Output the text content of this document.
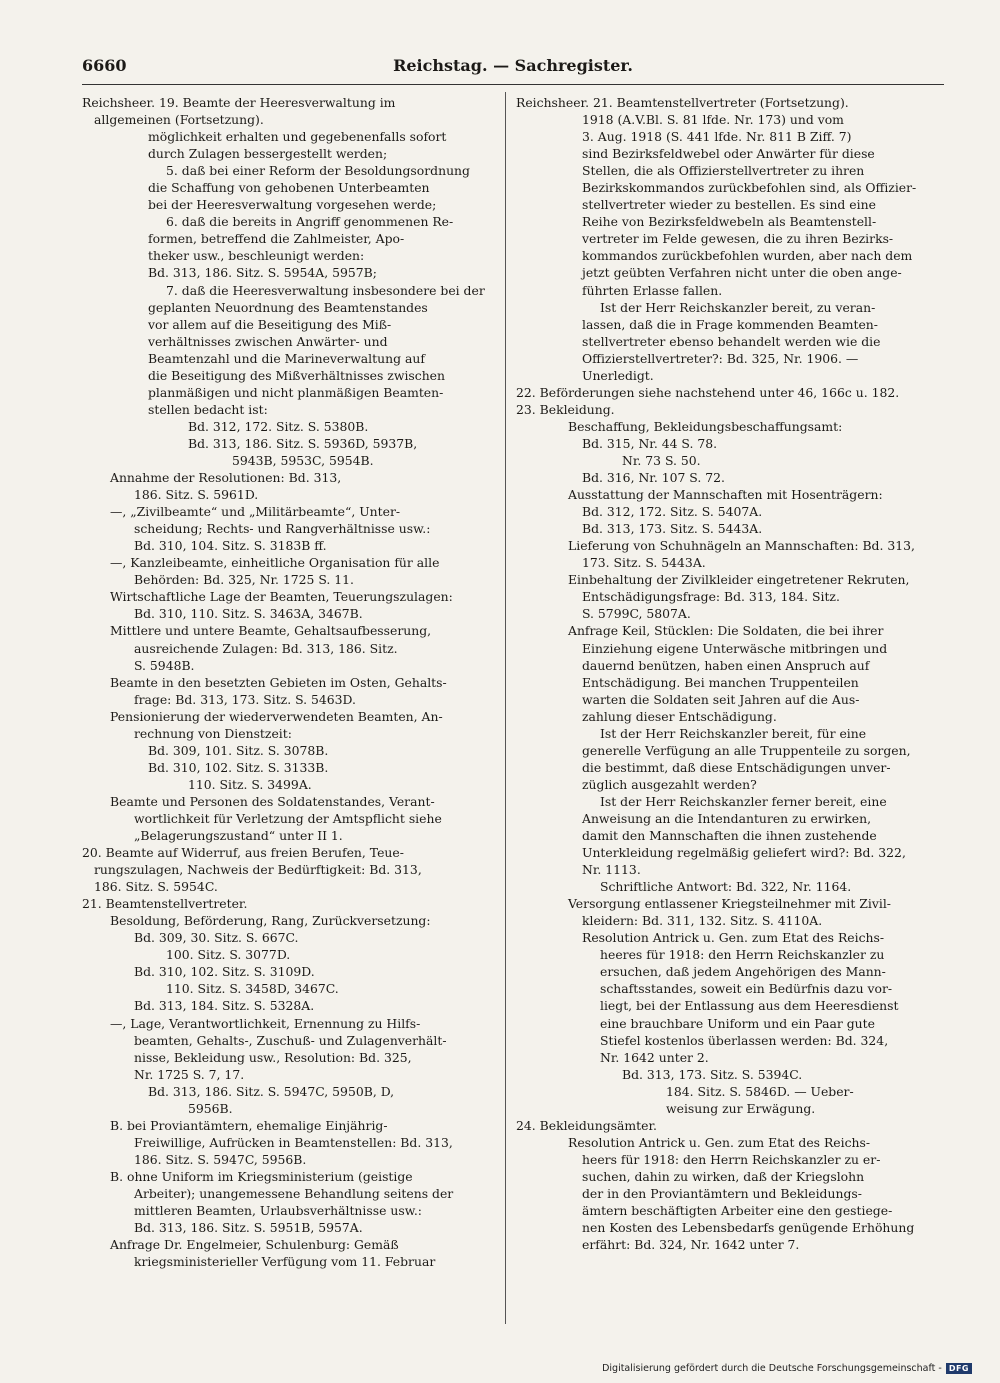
6660	Reichstag. — Sachregister.
Reichsheer. 19. Beamte der Heeresverwaltung im
allgemeinen (Fortsetzung).
möglichkeit erhalten und gegebenenfalls sofort
durch Zulagen bessergestellt werden;
5. daß bei einer Reform der Besoldungsordnung
die Schaffung von gehobenen Unterbeamten
bei der Heeresverwaltung vorgesehen werde;
6. daß die bereits in Angriff genommenen Re-
formen, betreffend die Zahlmeister, Apo-
theker usw., beschleunigt werden:
Bd. 313, 186. Sitz. S. 5954A, 5957B;
7. daß die Heeresverwaltung insbesondere bei der
geplanten Neuordnung des Beamtenstandes
vor allem auf die Beseitigung des Miß-
verhältnisses zwischen Anwärter- und
Beamtenzahl und die Marineverwaltung auf
die Beseitigung des Mißverhältnisses zwischen
planmäßigen und nicht planmäßigen Beamten-
stellen bedacht ist:
Bd. 312, 172. Sitz. S. 5380B.
Bd. 313, 186. Sitz. S. 5936D, 5937B,
5943B, 5953C, 5954B.
Annahme der Resolutionen: Bd. 313,
186. Sitz. S. 5961D.
—, „Zivilbeamte“ und „Militärbeamte“, Unter-
scheidung; Rechts- und Rangverhältnisse usw.:
Bd. 310, 104. Sitz. S. 3183B ff.
—, Kanzleibeamte, einheitliche Organisation für alle
Behörden: Bd. 325, Nr. 1725 S. 11.
Wirtschaftliche Lage der Beamten, Teuerungszulagen:
Bd. 310, 110. Sitz. S. 3463A, 3467B.
Mittlere und untere Beamte, Gehaltsaufbesserung,
ausreichende Zulagen: Bd. 313, 186. Sitz.
S. 5948B.
Beamte in den besetzten Gebieten im Osten, Gehalts-
frage: Bd. 313, 173. Sitz. S. 5463D.
Pensionierung der wiederverwendeten Beamten, An-
rechnung von Dienstzeit:
Bd. 309, 101. Sitz. S. 3078B.
Bd. 310, 102. Sitz. S. 3133B.
110. Sitz. S. 3499A.
Beamte und Personen des Soldatenstandes, Verant-
wortlichkeit für Verletzung der Amtspflicht siehe
„Belagerungszustand“ unter II 1.
20. Beamte auf Widerruf, aus freien Berufen, Teue-
rungszulagen, Nachweis der Bedürftigkeit: Bd. 313,
186. Sitz. S. 5954C.
21. Beamtenstellvertreter.
Besoldung, Beförderung, Rang, Zurückversetzung:
Bd. 309, 30. Sitz. S. 667C.
100. Sitz. S. 3077D.
Bd. 310, 102. Sitz. S. 3109D.
110. Sitz. S. 3458D, 3467C.
Bd. 313, 184. Sitz. S. 5328A.
—, Lage, Verantwortlichkeit, Ernennung zu Hilfs-
beamten, Gehalts-, Zuschuß- und Zulagenverhält-
nisse, Bekleidung usw., Resolution: Bd. 325,
Nr. 1725 S. 7, 17.
Bd. 313, 186. Sitz. S. 5947C, 5950B, D,
5956B.
B. bei Proviantämtern, ehemalige Einjährig-
Freiwillige, Aufrücken in Beamtenstellen: Bd. 313,
186. Sitz. S. 5947C, 5956B.
B. ohne Uniform im Kriegsministerium (geistige
Arbeiter); unangemessene Behandlung seitens der
mittleren Beamten, Urlaubsverhältnisse usw.:
Bd. 313, 186. Sitz. S. 5951B, 5957A.
Anfrage Dr. Engelmeier, Schulenburg: Gemäß
kriegsministerieller Verfügung vom 11. Februar
Reichsheer. 21. Beamtenstellvertreter (Fortsetzung).
1918 (A.V.Bl. S. 81 lfde. Nr. 173) und vom
3. Aug. 1918 (S. 441 lfde. Nr. 811 B Ziff. 7)
sind Bezirksfeldwebel oder Anwärter für diese
Stellen, die als Offizierstellvertreter zu ihren
Bezirkskommandos zurückbefohlen sind, als Offizier-
stellvertreter wieder zu bestellen. Es sind eine
Reihe von Bezirksfeldwebeln als Beamtenstell-
vertreter im Felde gewesen, die zu ihren Bezirks-
kommandos zurückbefohlen wurden, aber nach dem
jetzt geübten Verfahren nicht unter die oben ange-
führten Erlasse fallen.
Ist der Herr Reichskanzler bereit, zu veran-
lassen, daß die in Frage kommenden Beamten-
stellvertreter ebenso behandelt werden wie die
Offizierstellvertreter?: Bd. 325, Nr. 1906. —
Unerledigt.
22. Beförderungen siehe nachstehend unter 46, 166c u. 182.
23. Bekleidung.
Beschaffung, Bekleidungsbeschaffungsamt:
Bd. 315, Nr. 44 S. 78.
Nr. 73 S. 50.
Bd. 316, Nr. 107 S. 72.
Ausstattung der Mannschaften mit Hosenträgern:
Bd. 312, 172. Sitz. S. 5407A.
Bd. 313, 173. Sitz. S. 5443A.
Lieferung von Schuhnägeln an Mannschaften: Bd. 313,
173. Sitz. S. 5443A.
Einbehaltung der Zivilkleider eingetretener Rekruten,
Entschädigungsfrage: Bd. 313, 184. Sitz.
S. 5799C, 5807A.
Anfrage Keil, Stücklen: Die Soldaten, die bei ihrer
Einziehung eigene Unterwäsche mitbringen und
dauernd benützen, haben einen Anspruch auf
Entschädigung. Bei manchen Truppenteilen
warten die Soldaten seit Jahren auf die Aus-
zahlung dieser Entschädigung.
Ist der Herr Reichskanzler bereit, für eine
generelle Verfügung an alle Truppenteile zu sorgen,
die bestimmt, daß diese Entschädigungen unver-
züglich ausgezahlt werden?
Ist der Herr Reichskanzler ferner bereit, eine
Anweisung an die Intendanturen zu erwirken,
damit den Mannschaften die ihnen zustehende
Unterkleidung regelmäßig geliefert wird?: Bd. 322,
Nr. 1113.
Schriftliche Antwort: Bd. 322, Nr. 1164.
Versorgung entlassener Kriegsteilnehmer mit Zivil-
kleidern: Bd. 311, 132. Sitz. S. 4110A.
Resolution Antrick u. Gen. zum Etat des Reichs-
heeres für 1918: den Herrn Reichskanzler zu
ersuchen, daß jedem Angehörigen des Mann-
schaftsstandes, soweit ein Bedürfnis dazu vor-
liegt, bei der Entlassung aus dem Heeresdienst
eine brauchbare Uniform und ein Paar gute
Stiefel kostenlos überlassen werden: Bd. 324,
Nr. 1642 unter 2.
Bd. 313, 173. Sitz. S. 5394C.
184. Sitz. S. 5846D. — Ueber-
weisung zur Erwägung.
24. Bekleidungsämter.
Resolution Antrick u. Gen. zum Etat des Reichs-
heers für 1918: den Herrn Reichskanzler zu er-
suchen, dahin zu wirken, daß der Kriegslohn
der in den Proviantämtern und Bekleidungs-
ämtern beschäftigten Arbeiter eine den gestiege-
nen Kosten des Lebensbedarfs genügende Erhöhung
erfährt: Bd. 324, Nr. 1642 unter 7.
Digitalisierung gefördert durch die Deutsche Forschungsgemeinschaft - DFG
